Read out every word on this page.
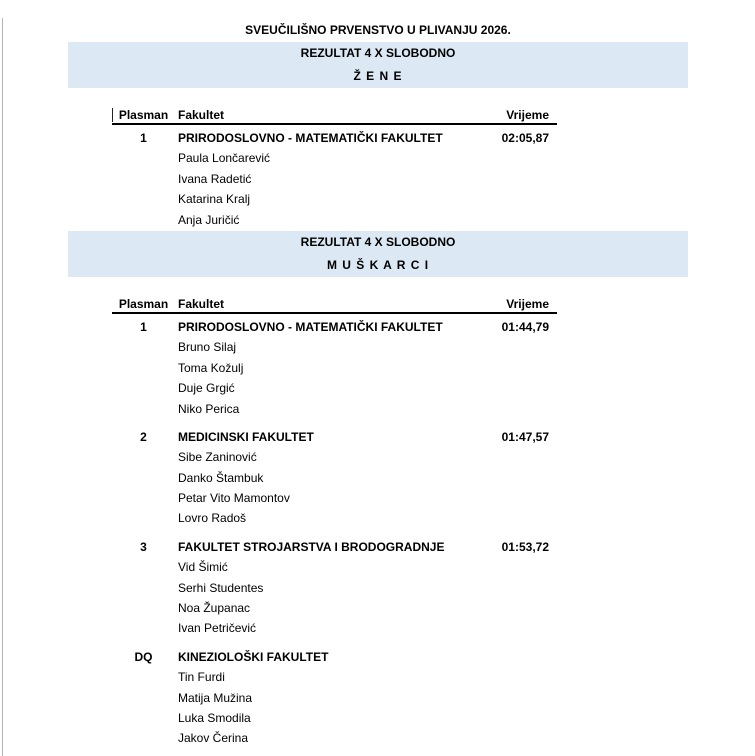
SVEUČILIŠNO PRVENSTVO U PLIVANJU 2026.
REZULTAT 4 X SLOBODNO
Ž E N E
Plasman Fakultet	Vrijeme
1	PRIRODOSLOVNO - MATEMATIČKI FAKULTET	02:05,87
Paula Lončarević
Ivana Radetić
Katarina Kralj
Anja Juričić
REZULTAT 4 X SLOBODNO
M U Š K A R C I
Plasman Fakultet	Vrijeme
1	PRIRODOSLOVNO - MATEMATIČKI FAKULTET	01:44,79
Bruno Silaj
Toma Kožulj
Duje Grgić
Niko Perica
2	MEDICINSKI FAKULTET	01:47,57
Sibe Zaninović
Danko Štambuk
Petar Vito Mamontov
Lovro Radoš
3	FAKULTET STROJARSTVA I BRODOGRADNJE	01:53,72
Vid Šimić
Serhi Studentes
Noa Županac
Ivan Petričević
DQ	KINEZIOLOŠKI FAKULTET
Tin Furdi
Matija Mužina
Luka Smodila
Jakov Čerina
